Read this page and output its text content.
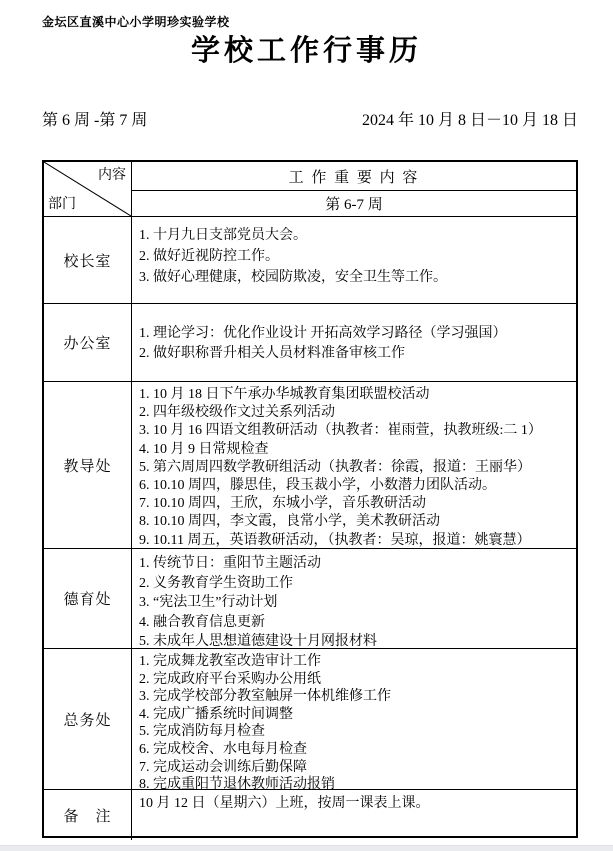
金坛区直溪中心小学明珍实验学校
学校工作行事历
第 6 周 -第 7 周	2024 年 10 月 8 日－10 月 18 日
内容
部门
工 作 重 要 内 容
第 6-7 周
校长室
1. 十月九日支部党员大会。
2. 做好近视防控工作。
3. 做好心理健康，校园防欺凌，安全卫生等工作。
办公室
1. 理论学习：优化作业设计 开拓高效学习路径（学习强国）
2. 做好职称晋升相关人员材料准备审核工作
教导处
1. 10 月 18 日下午承办华城教育集团联盟校活动
2. 四年级校级作文过关系列活动
3. 10 月 16 四语文组教研活动（执教者：崔雨萱，执教班级:二 1）
4. 10 月 9 日常规检查
5. 第六周周四数学教研组活动（执教者：徐霞，报道：王丽华）
6. 10.10 周四，滕思佳，段玉裁小学，小数潜力团队活动。
7. 10.10 周四，王欣，东城小学，音乐教研活动
8. 10.10 周四，李文霞，良常小学，美术教研活动
9. 10.11 周五，英语教研活动，（执教者：吴琼，报道：姚寰慧）
德育处
1. 传统节日：重阳节主题活动
2. 义务教育学生资助工作
3. “宪法卫生”行动计划
4. 融合教育信息更新
5. 未成年人思想道德建设十月网报材料
总务处
1. 完成舞龙教室改造审计工作
2. 完成政府平台采购办公用纸
3. 完成学校部分教室触屏一体机维修工作
4. 完成广播系统时间调整
5. 完成消防每月检查
6. 完成校舍、水电每月检查
7. 完成运动会训练后勤保障
8. 完成重阳节退休教师活动报销
备　注
10 月 12 日（星期六）上班，按周一课表上课。
